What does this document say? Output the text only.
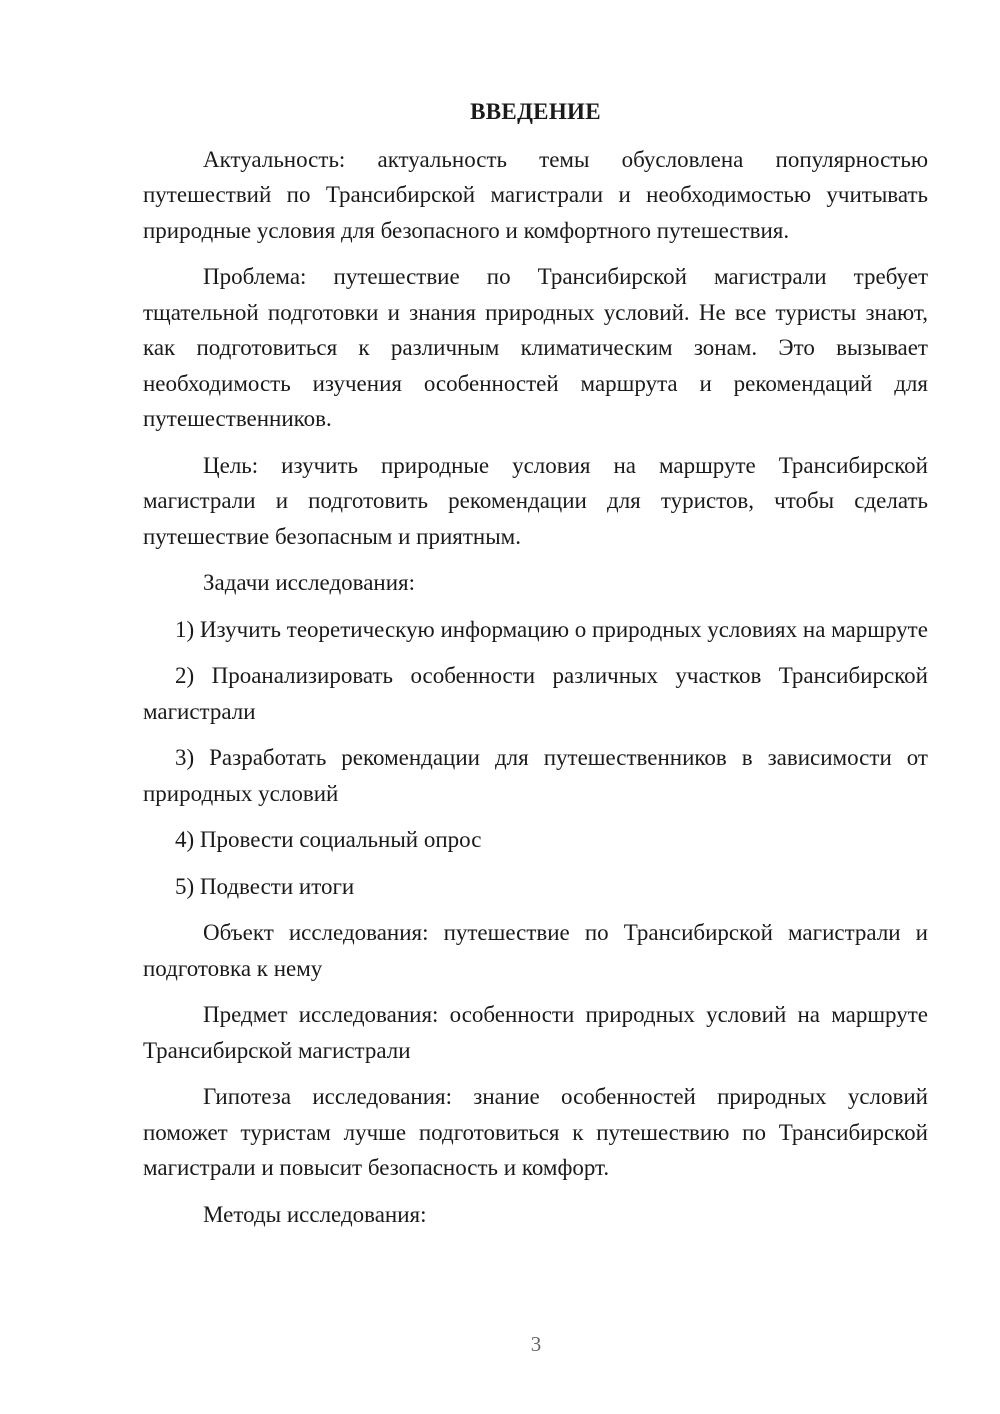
ВВЕДЕНИЕ

Актуальность: актуальность темы обусловлена популярностью путешествий по Трансибирской магистрали и необходимостью учитывать природные условия для безопасного и комфортного путешествия.

Проблема: путешествие по Трансибирской магистрали требует тщательной подготовки и знания природных условий. Не все туристы знают, как подготовиться к различным климатическим зонам. Это вызывает необходимость изучения особенностей маршрута и рекомендаций для путешественников.

Цель: изучить природные условия на маршруте Трансибирской магистрали и подготовить рекомендации для туристов, чтобы сделать путешествие безопасным и приятным.

Задачи исследования:

1) Изучить теоретическую информацию о природных условиях на маршруте

2) Проанализировать особенности различных участков Трансибирской магистрали

3) Разработать рекомендации для путешественников в зависимости от природных условий

4) Провести социальный опрос

5) Подвести итоги

Объект исследования: путешествие по Трансибирской магистрали и подготовка к нему

Предмет исследования: особенности природных условий на маршруте Трансибирской магистрали

Гипотеза исследования: знание особенностей природных условий поможет туристам лучше подготовиться к путешествию по Трансибирской магистрали и повысит безопасность и комфорт.

Методы исследования:

3
